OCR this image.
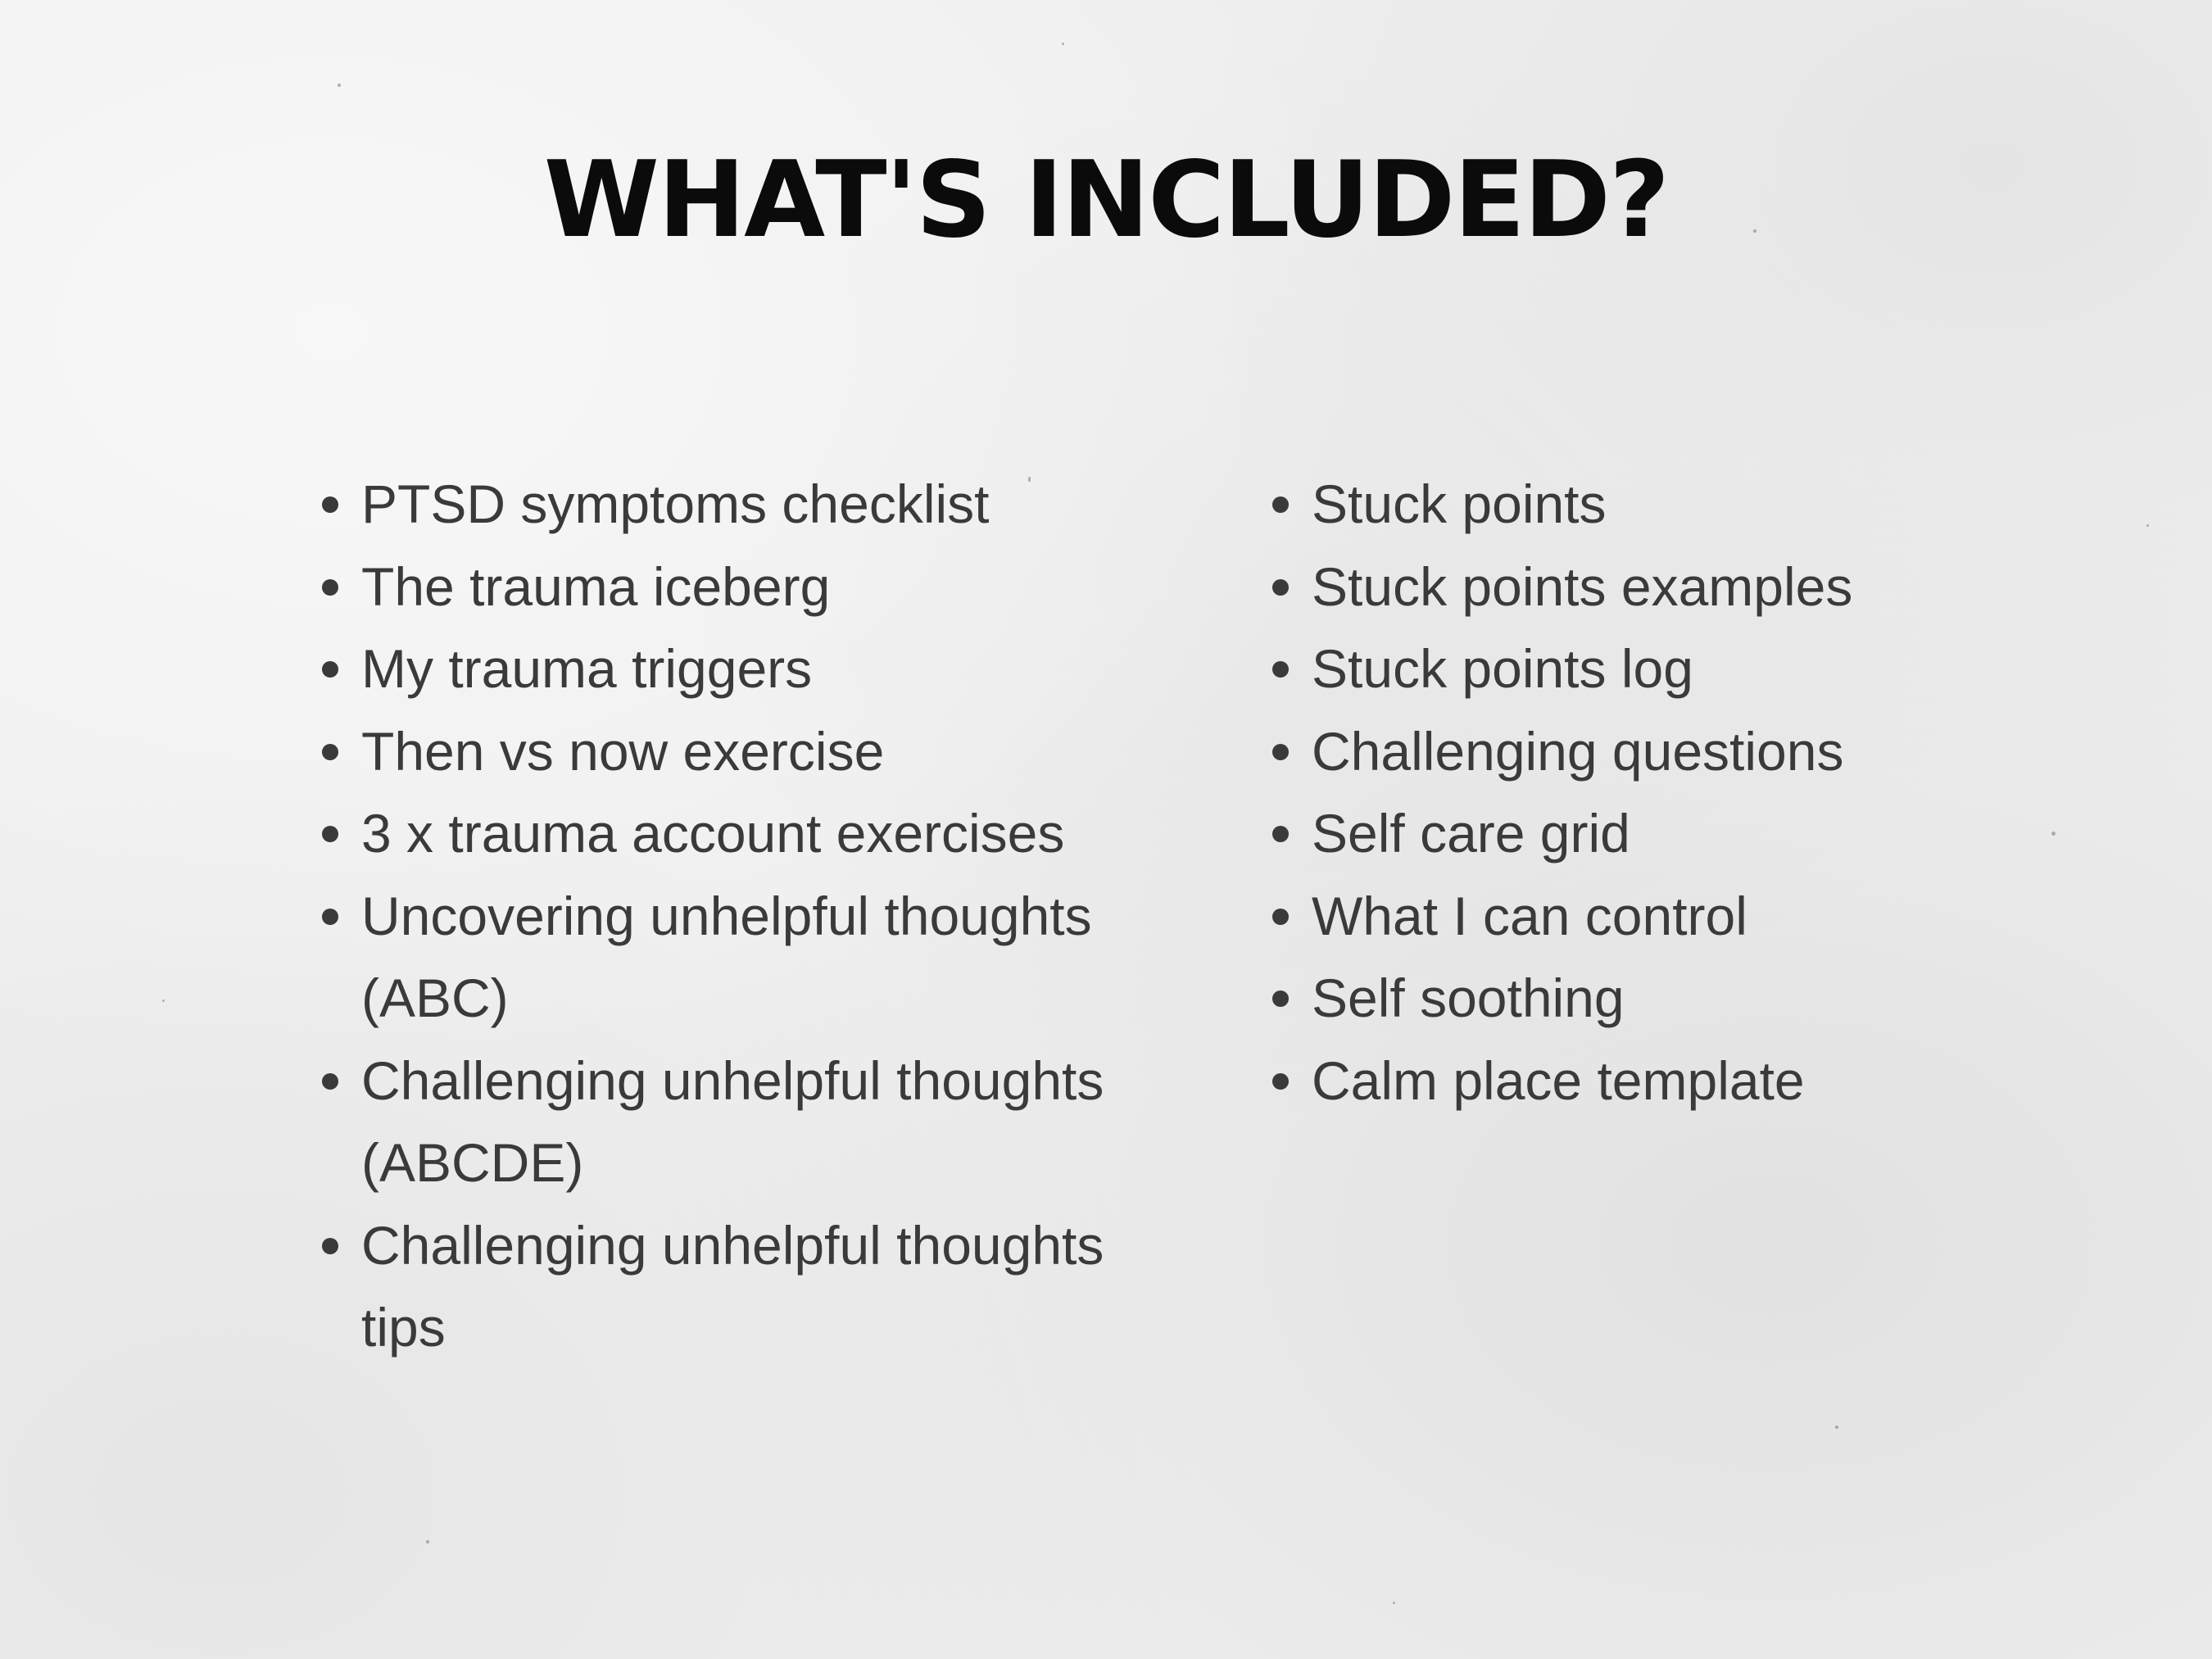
WHAT'S INCLUDED?
PTSD symptoms checklist
The trauma iceberg
My trauma triggers
Then vs now exercise
3 x trauma account exercises
Uncovering unhelpful thoughts (ABC)
Challenging unhelpful thoughts (ABCDE)
Challenging unhelpful thoughts tips
Stuck points
Stuck points examples
Stuck points log
Challenging questions
Self care grid
What I can control
Self soothing
Calm place template
